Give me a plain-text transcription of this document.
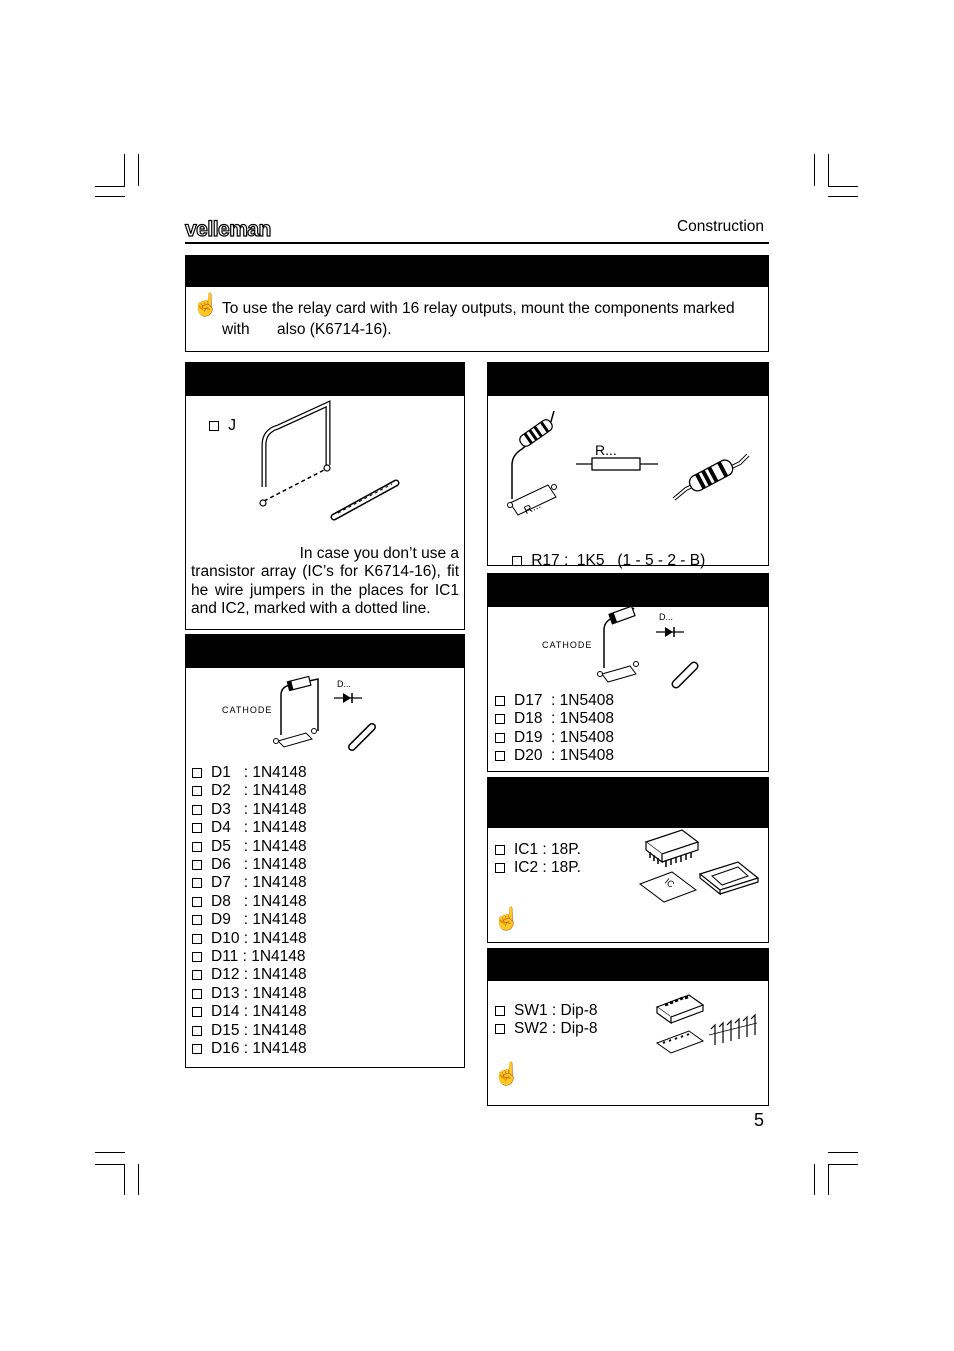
velleman	Construction
☝ To use the relay card with 16 relay outputs, mount the components marked
with also (K6714-16).

J

In case you don’t use a
transistor array (IC’s for K6714-16), fit
he wire jumpers in the places for IC1
and IC2, marked with a dotted line.
CATHODE
D...
D1   : 1N4148
D2   : 1N4148
D3   : 1N4148
D4   : 1N4148
D5   : 1N4148
D6   : 1N4148
D7   : 1N4148
D8   : 1N4148
D9   : 1N4148
D10 : 1N4148
D11 : 1N4148
D12 : 1N4148
D13 : 1N4148
D14 : 1N4148
D15 : 1N4148
D16 : 1N4148
R...
R...

R17 :  1K5   (1 - 5 - 2 - B)

CATHODE
D...
D17  : 1N5408
D18  : 1N5408
D19  : 1N5408
D20  : 1N5408
IC1 : 18P.
IC2 : 18P.
IC
☝
SW1 : Dip-8
SW2 : Dip-8
☝
5
